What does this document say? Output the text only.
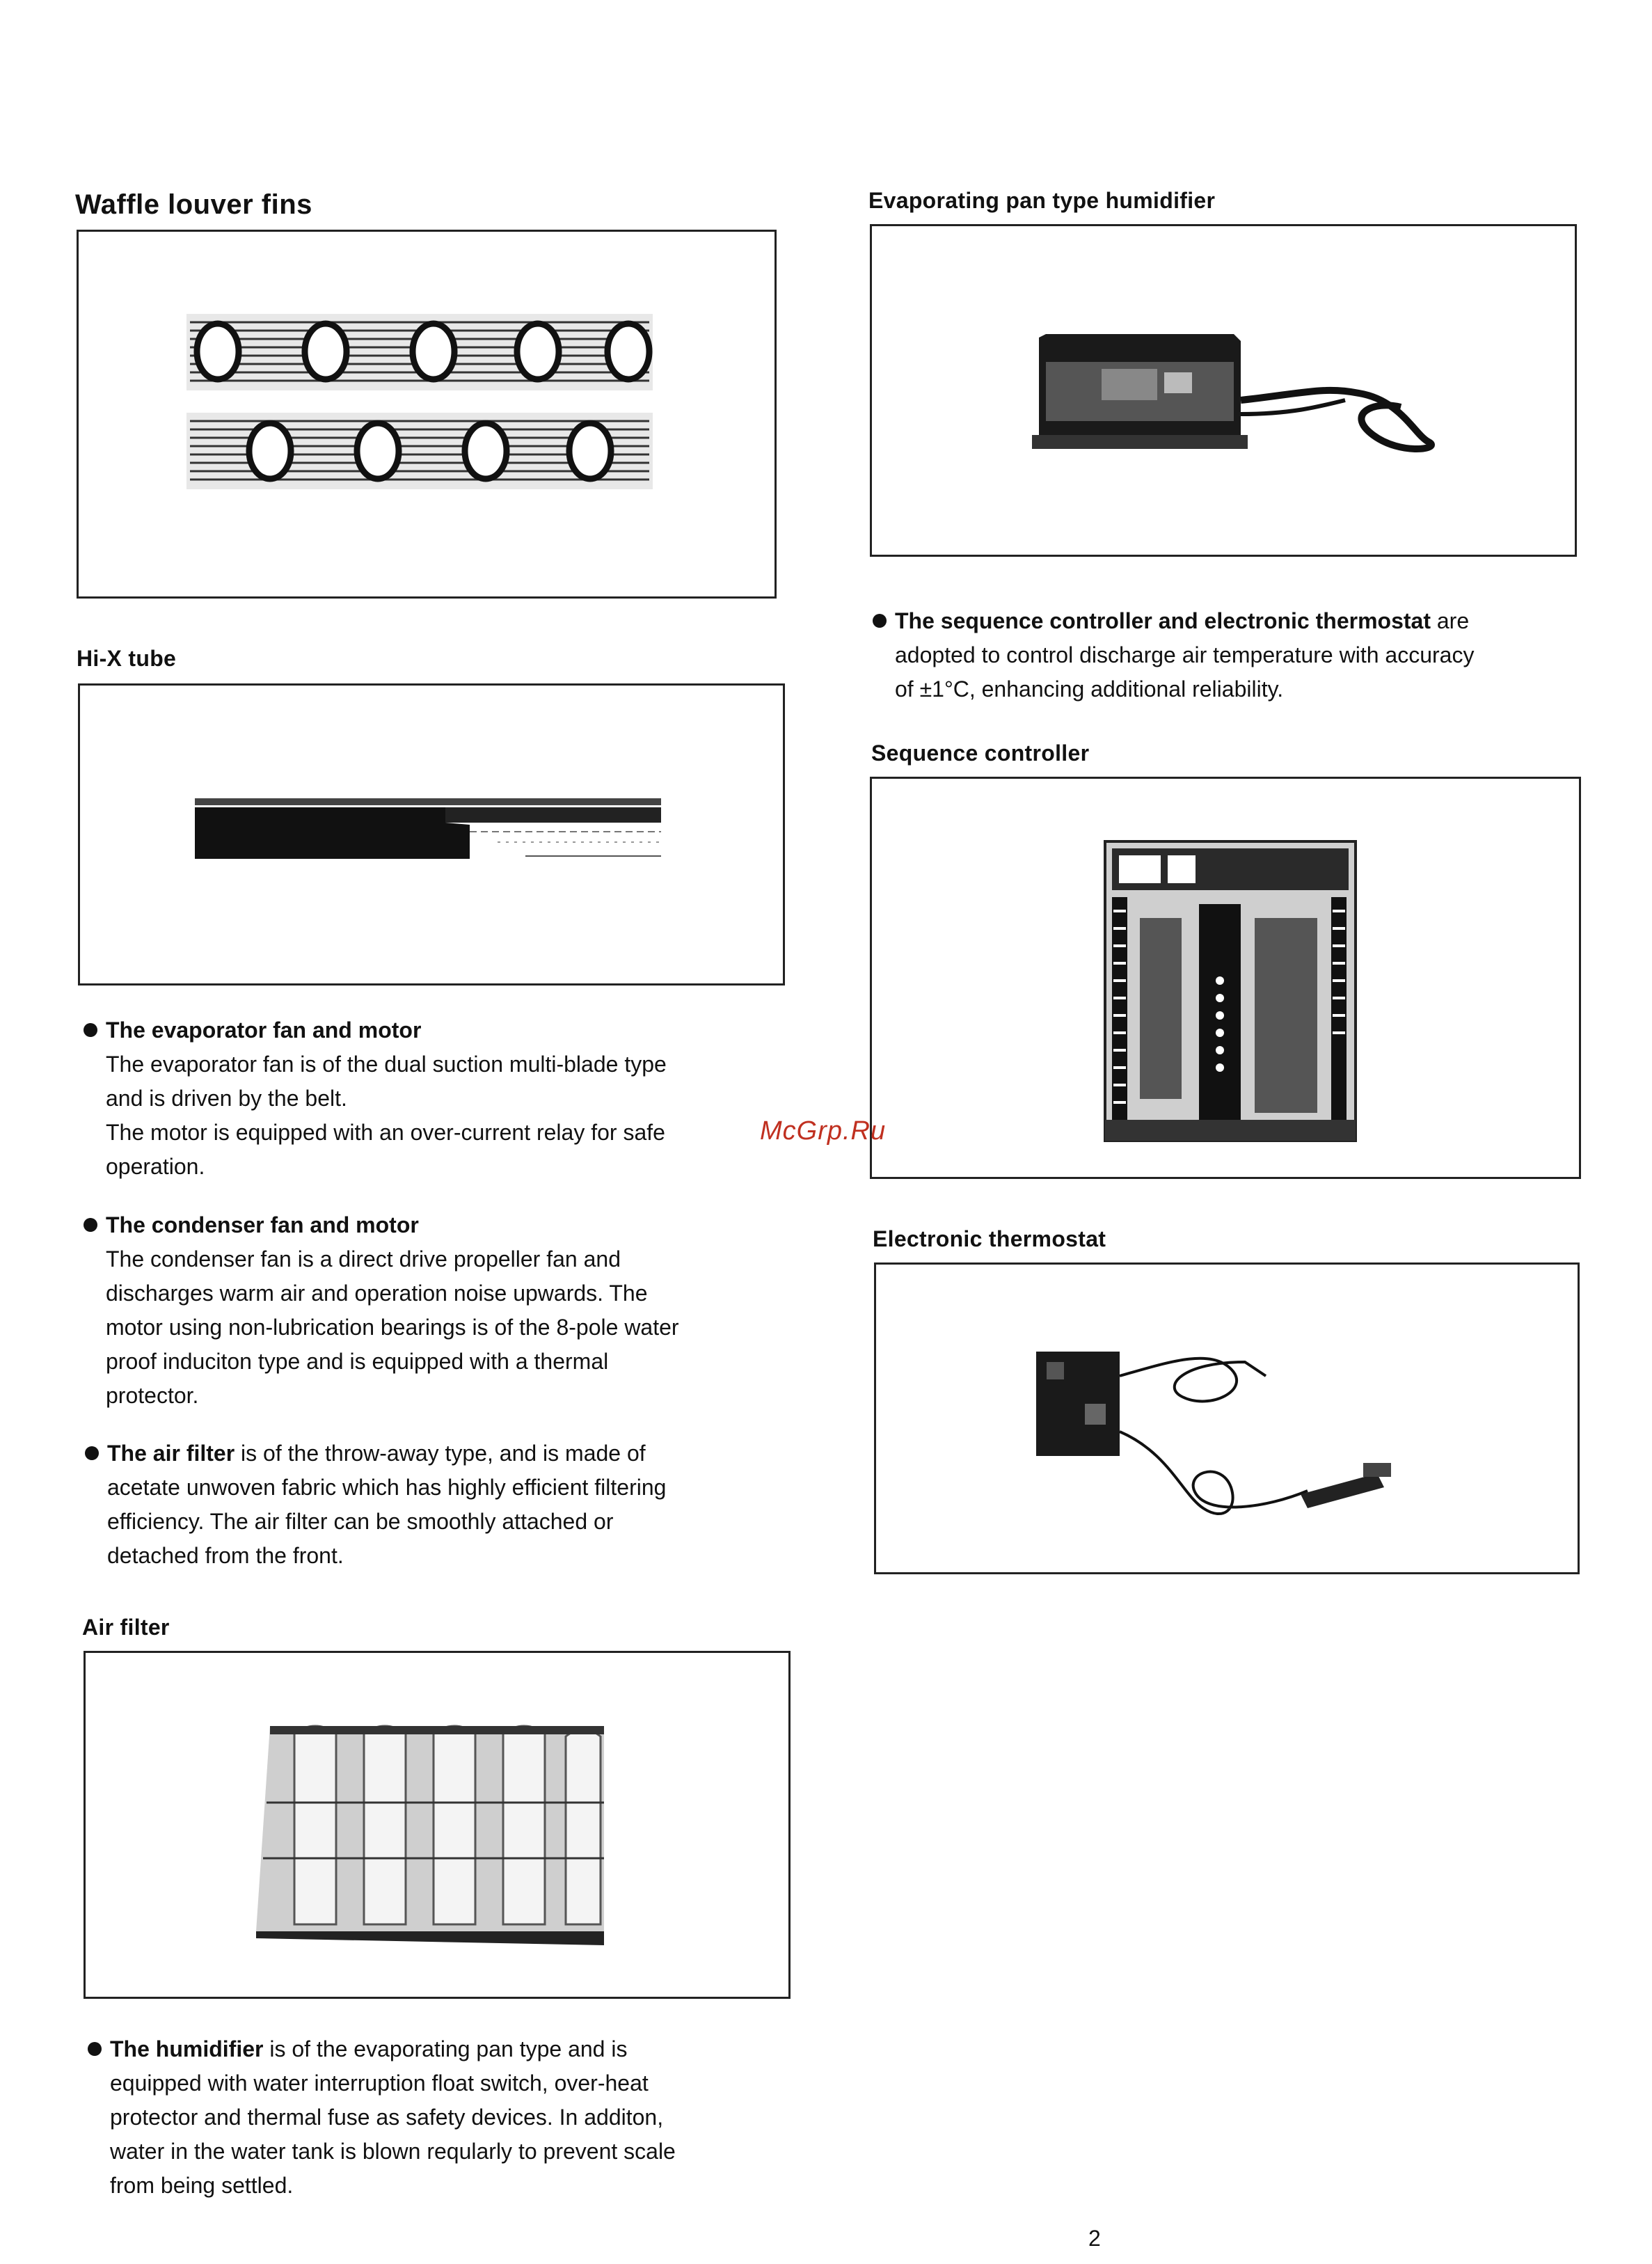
Waffle louver fins
Hi-X tube
The evaporator fan and motor
The evaporator fan is of the dual suction multi-blade type
and is driven by the belt.
The motor is equipped with an over-current relay for safe
operation.
The condenser fan and motor
The condenser fan is a direct drive propeller fan and
discharges warm air and operation noise upwards. The
motor using non-lubrication bearings is of the 8-pole water
proof induciton type and is equipped with a thermal
protector.
The air filter is of the throw-away type, and is made of
acetate unwoven fabric which has highly efficient filtering
efficiency. The air filter can be smoothly attached or
detached from the front.
Air filter
The humidifier is of the evaporating pan type and is
equipped with water interruption float switch, over-heat
protector and thermal fuse as safety devices. In additon,
water in the water tank is blown reqularly to prevent scale
from being settled.
Evaporating pan type humidifier
The sequence controller and electronic thermostat are
adopted to control discharge air temperature with accuracy
of ±1°C, enhancing additional reliability.
Sequence controller
Electronic thermostat
McGrp.Ru
2
